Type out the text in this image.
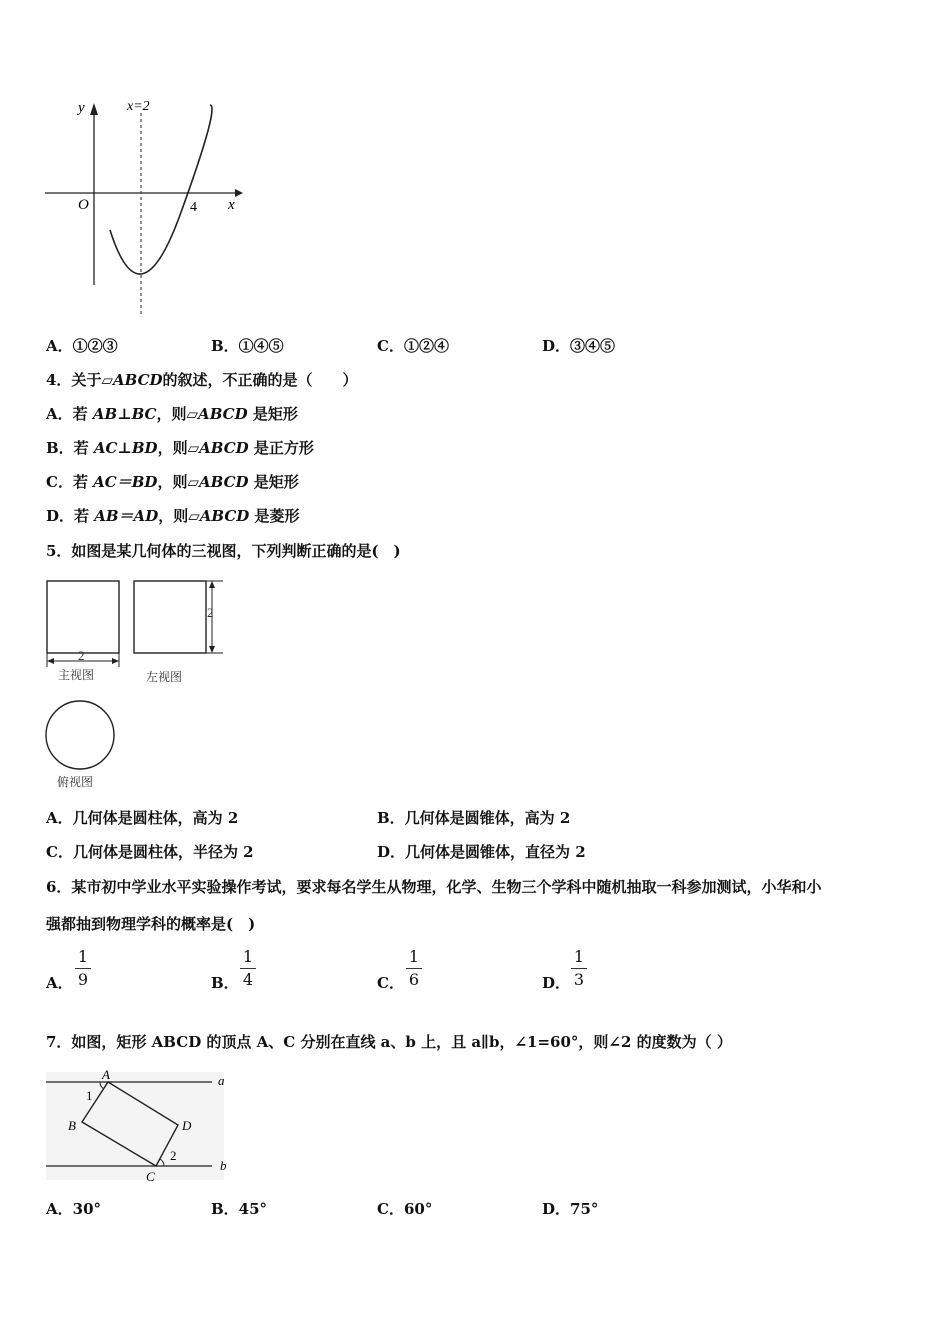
y
x
O	4
x=2
A．①②③	B．①④⑤	C．①②④	D．③④⑤
4．关于▱ABCD的叙述，不正确的是（　　）
A．若 AB⊥BC，则▱ABCD 是矩形
B．若 AC⊥BD，则▱ABCD 是正方形
C．若 AC＝BD，则▱ABCD 是矩形
D．若 AB＝AD，则▱ABCD 是菱形
5．如图是某几何体的三视图，下列判断正确的是(　)
2
2
主视图	左视图
俯视图
A．几何体是圆柱体，高为 2	B．几何体是圆锥体，高为 2
C．几何体是圆柱体，半径为 2	D．几何体是圆锥体，直径为 2
6．某市初中学业水平实验操作考试，要求每名学生从物理，化学、生物三个学科中随机抽取一科参加测试，小华和小
强都抽到物理学科的概率是(　)
A．
1
9	B．
1
4	C．
1
6	D．
1
3
7．如图，矩形 ABCD 的顶点 A、C 分别在直线 a、b 上，且 a∥b，∠1=60°，则∠2 的度数为（ ）
A
B
C
D
a
b
1
2
A．30°	B．45°	C．60°	D．75°
